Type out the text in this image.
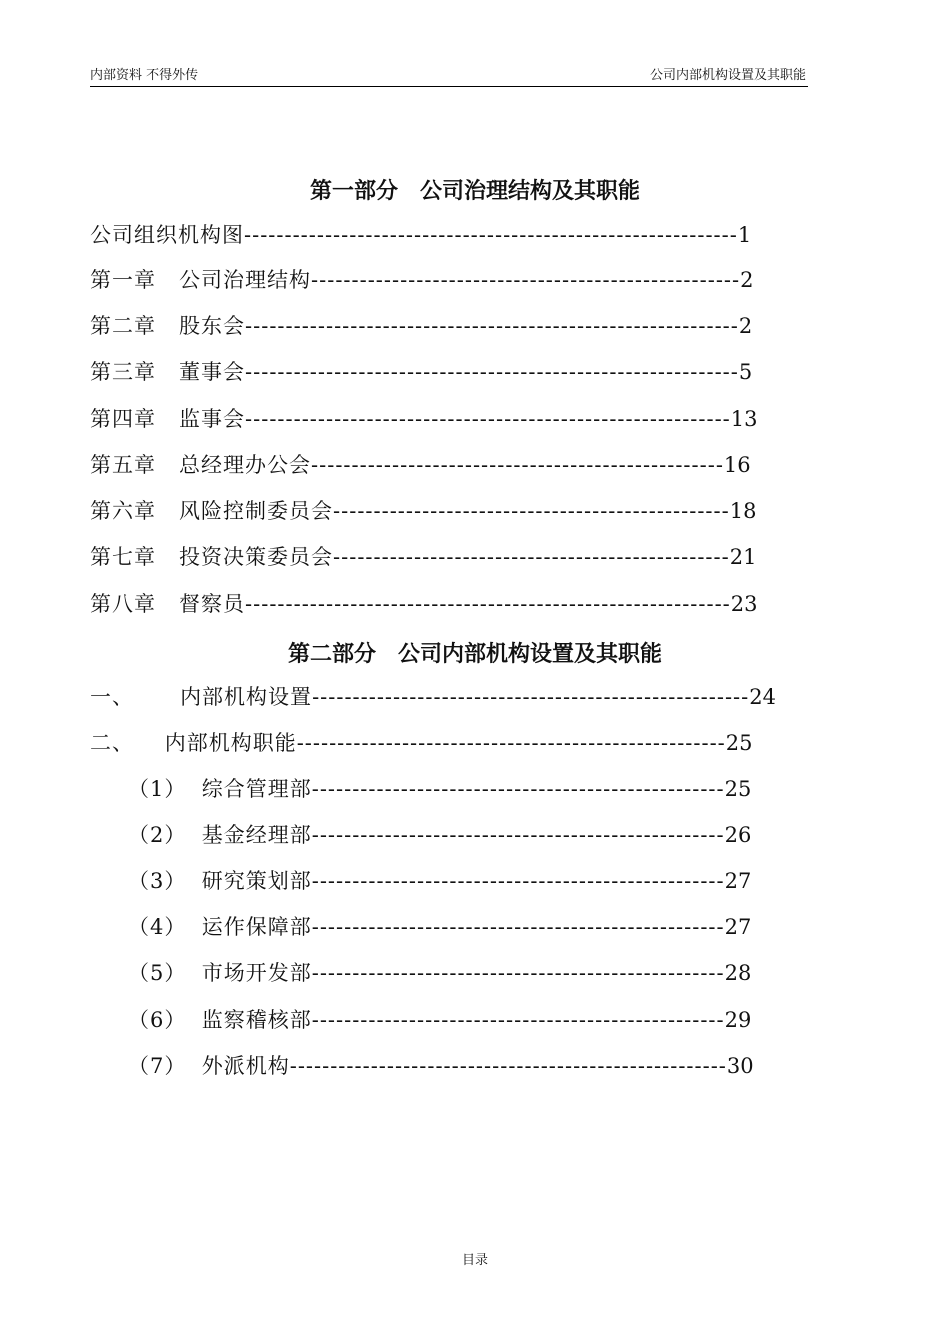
内部资料 不得外传	公司内部机构设置及其职能
第一部分　公司治理结构及其职能
公司组织机构图-------------------------------------------------------------1
第一章 公司治理结构-----------------------------------------------------2
第二章 股东会-------------------------------------------------------------2
第三章 董事会-------------------------------------------------------------5
第四章 监事会------------------------------------------------------------13
第五章 总经理办公会---------------------------------------------------16
第六章 风险控制委员会-------------------------------------------------18
第七章 投资决策委员会-------------------------------------------------21
第八章 督察员------------------------------------------------------------23
第二部分　公司内部机构设置及其职能
一、 内部机构设置------------------------------------------------------24
二、 内部机构职能-----------------------------------------------------25
（1） 综合管理部---------------------------------------------------25
（2） 基金经理部---------------------------------------------------26
（3） 研究策划部---------------------------------------------------27
（4） 运作保障部---------------------------------------------------27
（5） 市场开发部---------------------------------------------------28
（6） 监察稽核部---------------------------------------------------29
（7） 外派机构------------------------------------------------------30
目录
